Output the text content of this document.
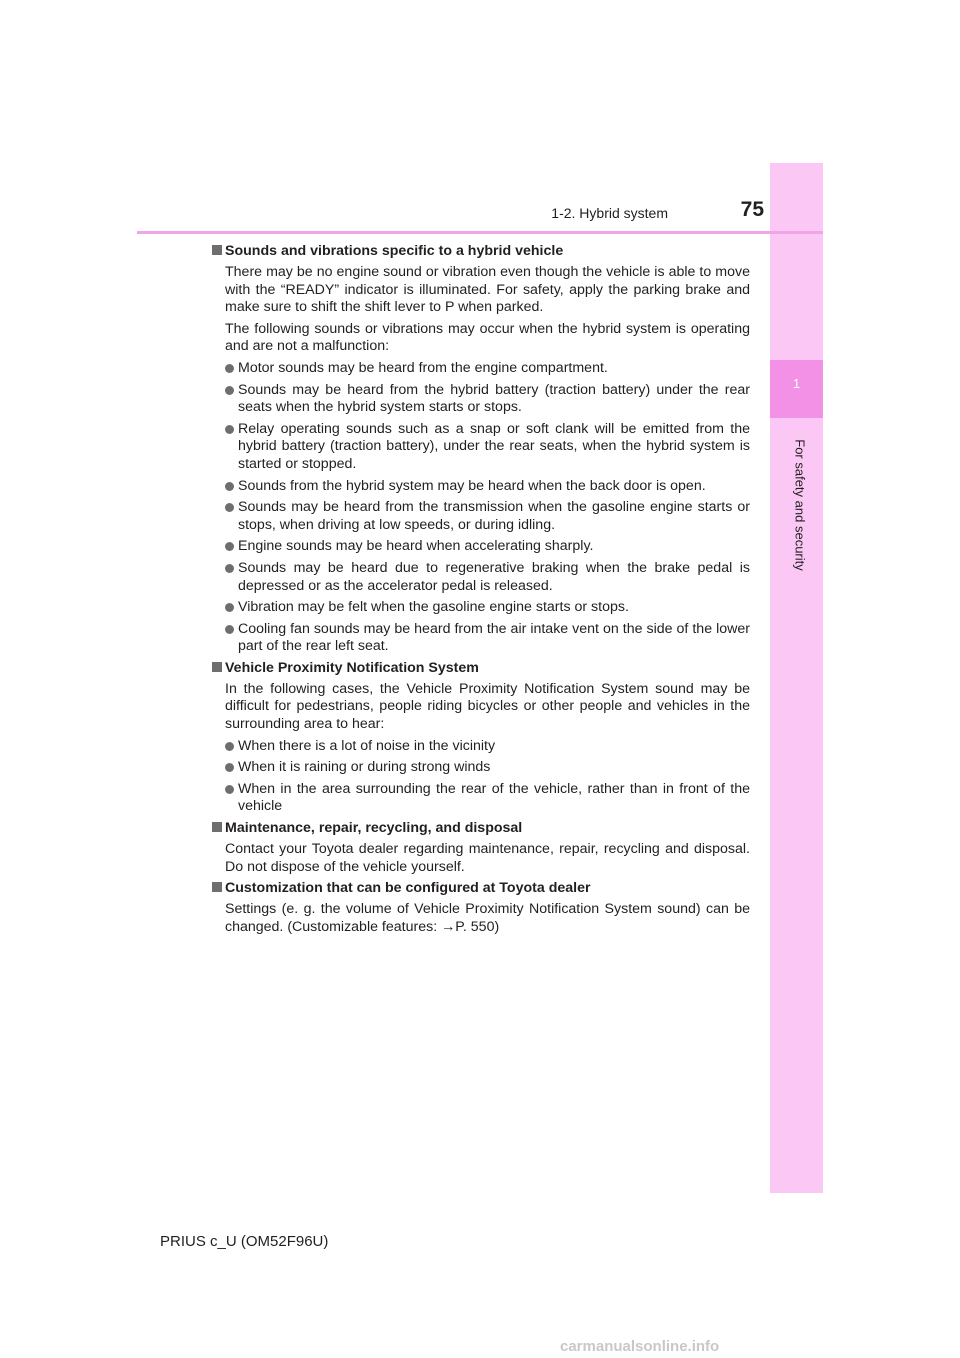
1
For safety and security
1-2. Hybrid system	75
Sounds and vibrations specific to a hybrid vehicle

There may be no engine sound or vibration even though the vehicle is able to move with the “READY” indicator is illuminated. For safety, apply the parking brake and make sure to shift the shift lever to P when parked.

The following sounds or vibrations may occur when the hybrid system is operating and are not a malfunction:

Motor sounds may be heard from the engine compartment.
Sounds may be heard from the hybrid battery (traction battery) under the rear seats when the hybrid system starts or stops.
Relay operating sounds such as a snap or soft clank will be emitted from the hybrid battery (traction battery), under the rear seats, when the hybrid system is started or stopped.
Sounds from the hybrid system may be heard when the back door is open.
Sounds may be heard from the transmission when the gasoline engine starts or stops, when driving at low speeds, or during idling.
Engine sounds may be heard when accelerating sharply.
Sounds may be heard due to regenerative braking when the brake pedal is depressed or as the accelerator pedal is released.
Vibration may be felt when the gasoline engine starts or stops.
Cooling fan sounds may be heard from the air intake vent on the side of the lower part of the rear left seat.
Vehicle Proximity Notification System

In the following cases, the Vehicle Proximity Notification System sound may be difficult for pedestrians, people riding bicycles or other people and vehicles in the surrounding area to hear:

When there is a lot of noise in the vicinity
When it is raining or during strong winds
When in the area surrounding the rear of the vehicle, rather than in front of the vehicle
Maintenance, repair, recycling, and disposal

Contact your Toyota dealer regarding maintenance, repair, recycling and disposal. Do not dispose of the vehicle yourself.

Customization that can be configured at Toyota dealer

Settings (e. g. the volume of Vehicle Proximity Notification System sound) can be changed. (Customizable features: →P. 550)

PRIUS c_U (OM52F96U)
carmanualsonline.info
